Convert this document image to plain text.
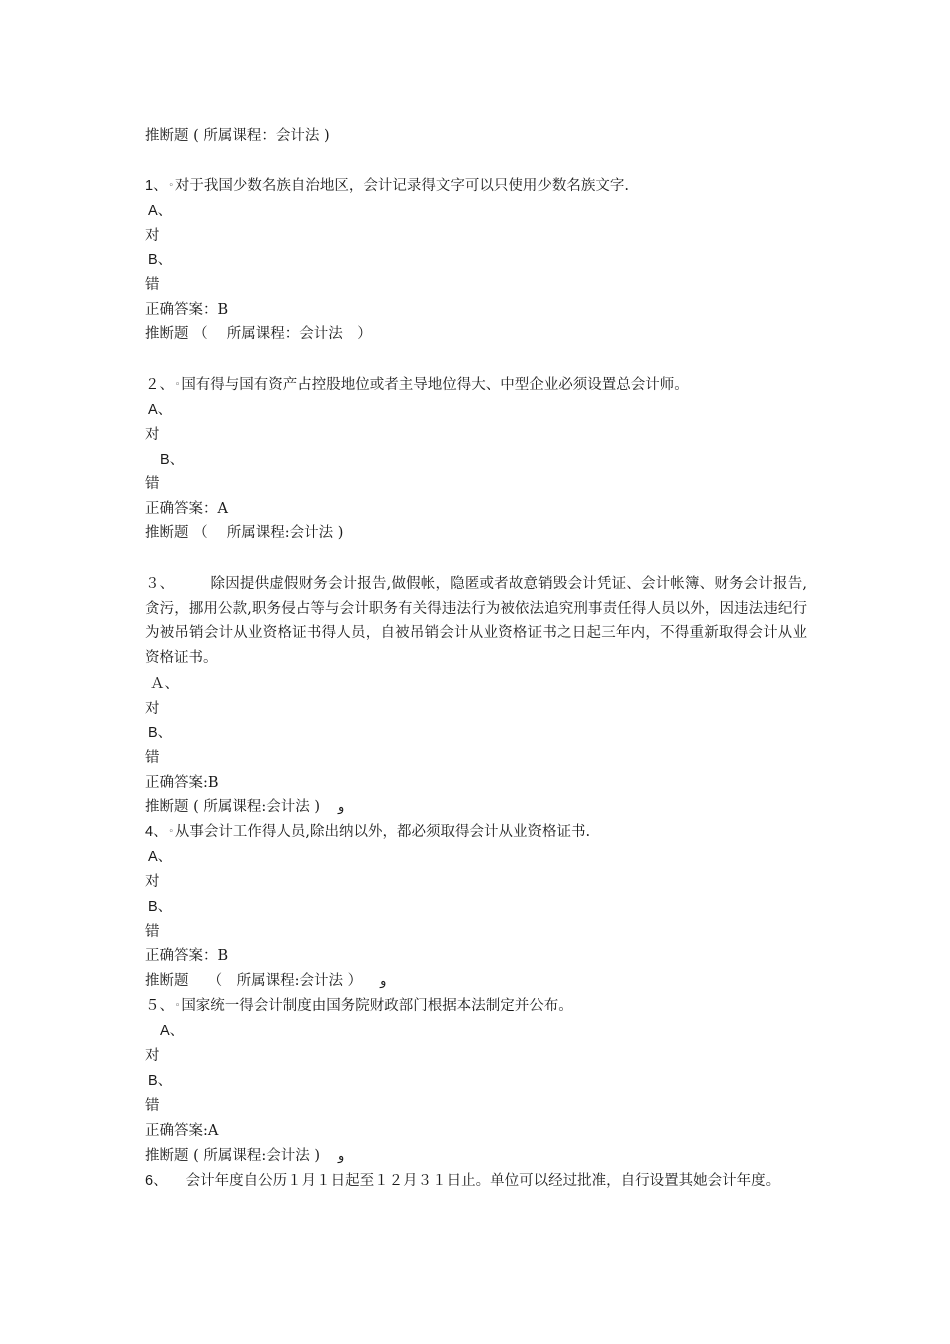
推断题 ( 所属课程：会计法 )
1、◦对于我国少数名族自治地区，会计记录得文字可以只使用少数名族文字.
A、
对
B、
错
正确答案：B
推断题 （　 所属课程：会计法　）
２、◦国有得与国有资产占控股地位或者主导地位得大、中型企业必须设置总会计师。
A、
对
B、
错
正确答案：A
推断题 （　 所属课程:会计法 )
３、 除因提供虚假财务会计报告,做假帐，隐匿或者故意销毁会计凭证、会计帐簿、财务会计报告,贪污，挪用公款,职务侵占等与会计职务有关得违法行为被依法追究刑事责任得人员以外，因违法违纪行为被吊销会计从业资格证书得人员，自被吊销会计从业资格证书之日起三年内，不得重新取得会计从业资格证书。
Ａ、
对
B、
错
正确答案:B
推断题 ( 所属课程:会计法 ) و
4、◦从事会计工作得人员,除出纳以外，都必须取得会计从业资格证书.
A、
对
B、
错
正确答案：B
推断题　 （　所属课程:会计法 ） و
５、◦国家统一得会计制度由国务院财政部门根据本法制定并公布。
A、
对
B、
错
正确答案:A
推断题 ( 所属课程:会计法 ) و
6、 会计年度自公历１月１日起至１２月３１日止。单位可以经过批准，自行设置其她会计年度。
